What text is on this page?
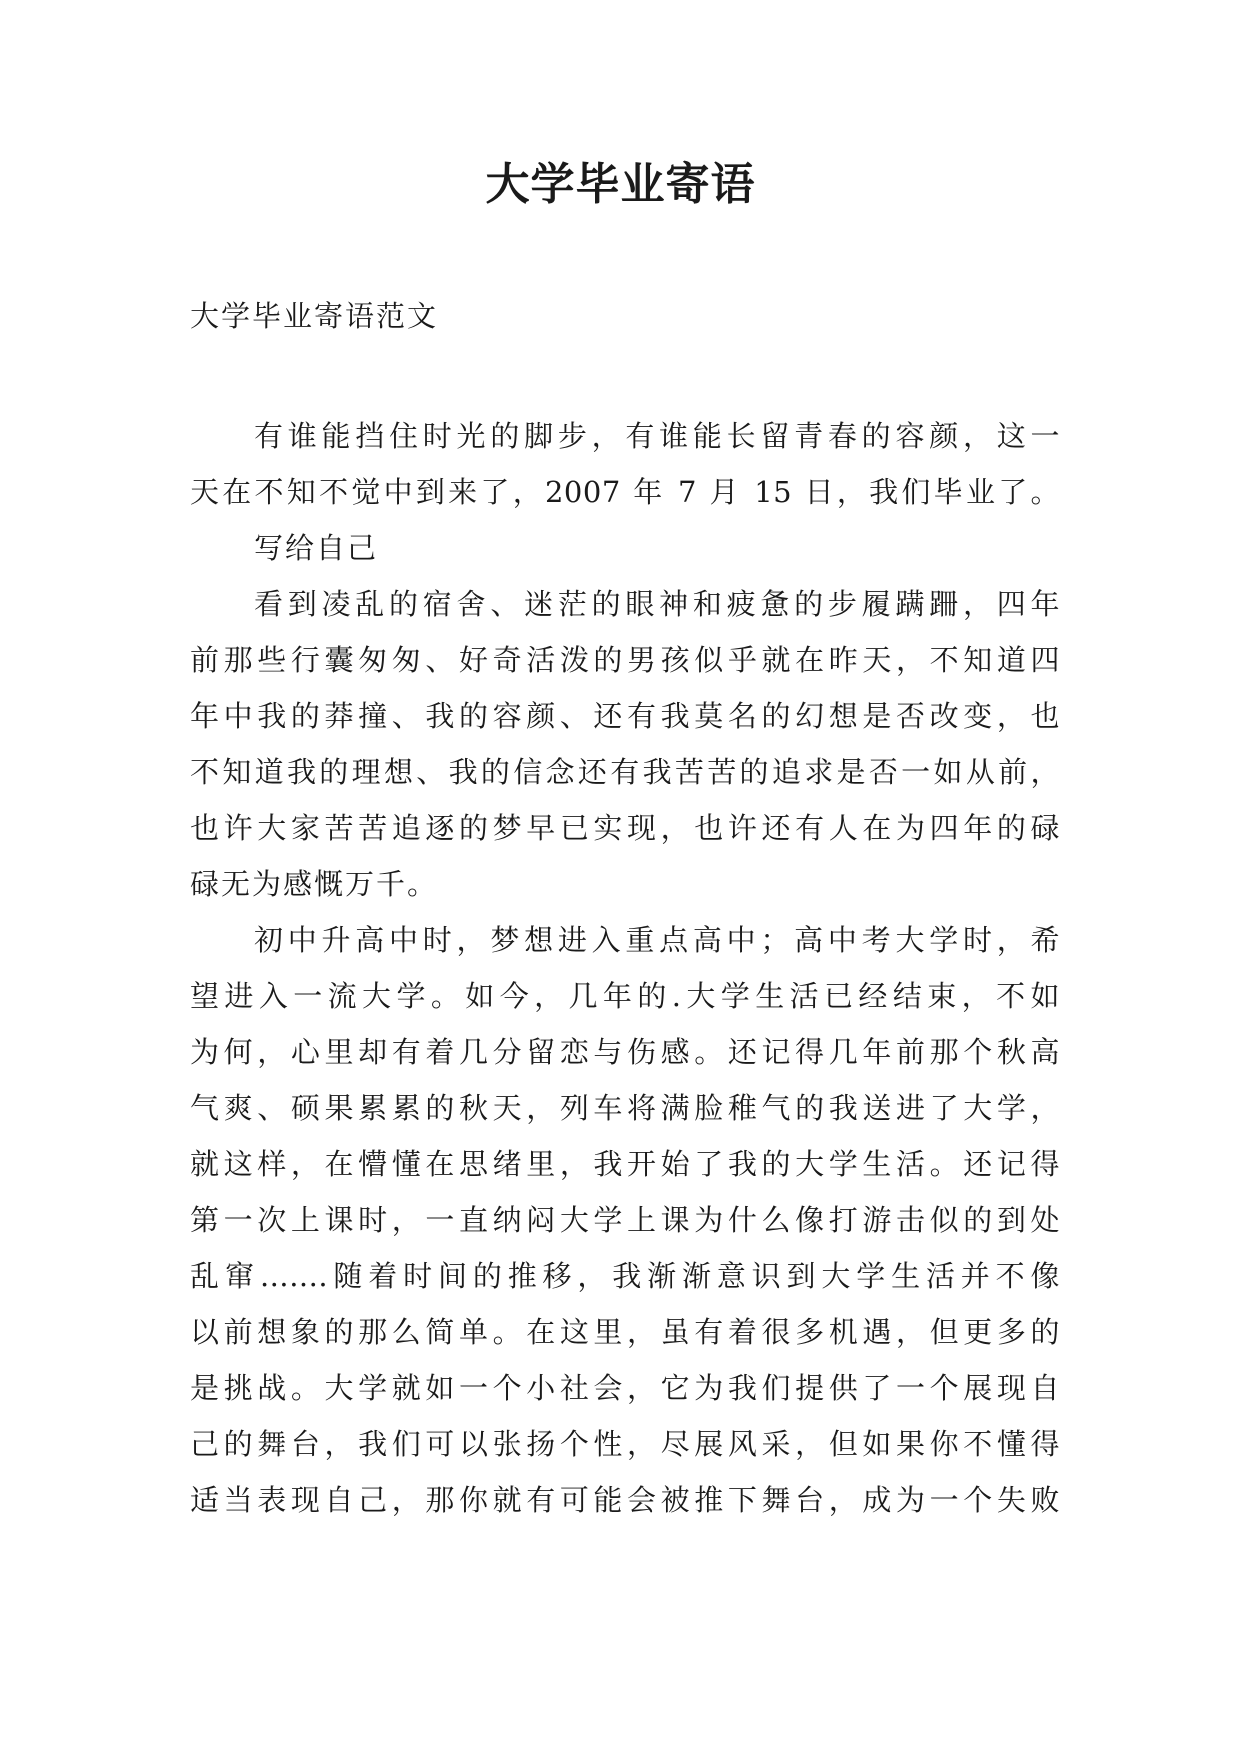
大学毕业寄语
大学毕业寄语范文
有谁能挡住时光的脚步，有谁能长留青春的容颜，这一
天在不知不觉中到来了，2007 年 7 月 15 日，我们毕业了。
写给自己
看到凌乱的宿舍、迷茫的眼神和疲惫的步履蹒跚，四年
前那些行囊匆匆、好奇活泼的男孩似乎就在昨天，不知道四
年中我的莽撞、我的容颜、还有我莫名的幻想是否改变，也
不知道我的理想、我的信念还有我苦苦的追求是否一如从前，
也许大家苦苦追逐的梦早已实现，也许还有人在为四年的碌
碌无为感慨万千。
初中升高中时，梦想进入重点高中；高中考大学时，希
望进入一流大学。如今，几年的.大学生活已经结束，不如
为何，心里却有着几分留恋与伤感。还记得几年前那个秋高
气爽、硕果累累的秋天，列车将满脸稚气的我送进了大学，
就这样，在懵懂在思绪里，我开始了我的大学生活。还记得
第一次上课时，一直纳闷大学上课为什么像打游击似的到处
乱窜…....随着时间的推移，我渐渐意识到大学生活并不像
以前想象的那么简单。在这里，虽有着很多机遇，但更多的
是挑战。大学就如一个小社会，它为我们提供了一个展现自
己的舞台，我们可以张扬个性，尽展风采，但如果你不懂得
适当表现自己，那你就有可能会被推下舞台，成为一个失败
